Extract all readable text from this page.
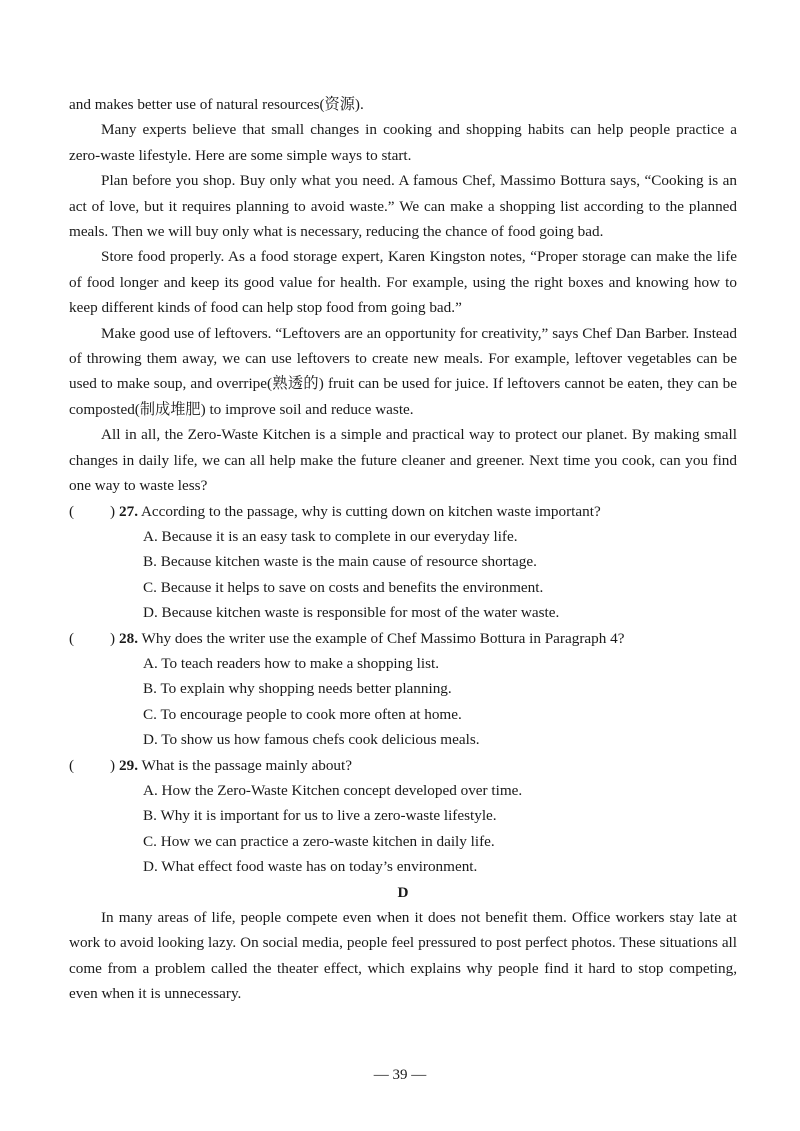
and makes better use of natural resources(资源).

Many experts believe that small changes in cooking and shopping habits can help people practice a zero-waste lifestyle. Here are some simple ways to start.

Plan before you shop. Buy only what you need. A famous Chef, Massimo Bottura says, “Cooking is an act of love, but it requires planning to avoid waste.” We can make a shopping list according to the planned meals. Then we will buy only what is necessary, reducing the chance of food going bad.

Store food properly. As a food storage expert, Karen Kingston notes, “Proper storage can make the life of food longer and keep its good value for health. For example, using the right boxes and knowing how to keep different kinds of food can help stop food from going bad.”

Make good use of leftovers. “Leftovers are an opportunity for creativity,” says Chef Dan Barber. Instead of throwing them away, we can use leftovers to create new meals. For example, leftover vegetables can be used to make soup, and overripe(熟透的) fruit can be used for juice. If leftovers cannot be eaten, they can be composted(制成堆肥) to improve soil and reduce waste.

All in all, the Zero-Waste Kitchen is a simple and practical way to protect our planet. By making small changes in daily life, we can all help make the future cleaner and greener. Next time you cook, can you find one way to waste less?

( ) 27. According to the passage, why is cutting down on kitchen waste important?

A. Because it is an easy task to complete in our everyday life.

B. Because kitchen waste is the main cause of resource shortage.

C. Because it helps to save on costs and benefits the environment.

D. Because kitchen waste is responsible for most of the water waste.

( ) 28. Why does the writer use the example of Chef Massimo Bottura in Paragraph 4?

A. To teach readers how to make a shopping list.

B. To explain why shopping needs better planning.

C. To encourage people to cook more often at home.

D. To show us how famous chefs cook delicious meals.

( ) 29. What is the passage mainly about?

A. How the Zero-Waste Kitchen concept developed over time.

B. Why it is important for us to live a zero-waste lifestyle.

C. How we can practice a zero-waste kitchen in daily life.

D. What effect food waste has on today’s environment.

D

In many areas of life, people compete even when it does not benefit them. Office workers stay late at work to avoid looking lazy. On social media, people feel pressured to post perfect photos. These situations all come from a problem called the theater effect, which explains why people find it hard to stop competing, even when it is unnecessary.

— 39 —
